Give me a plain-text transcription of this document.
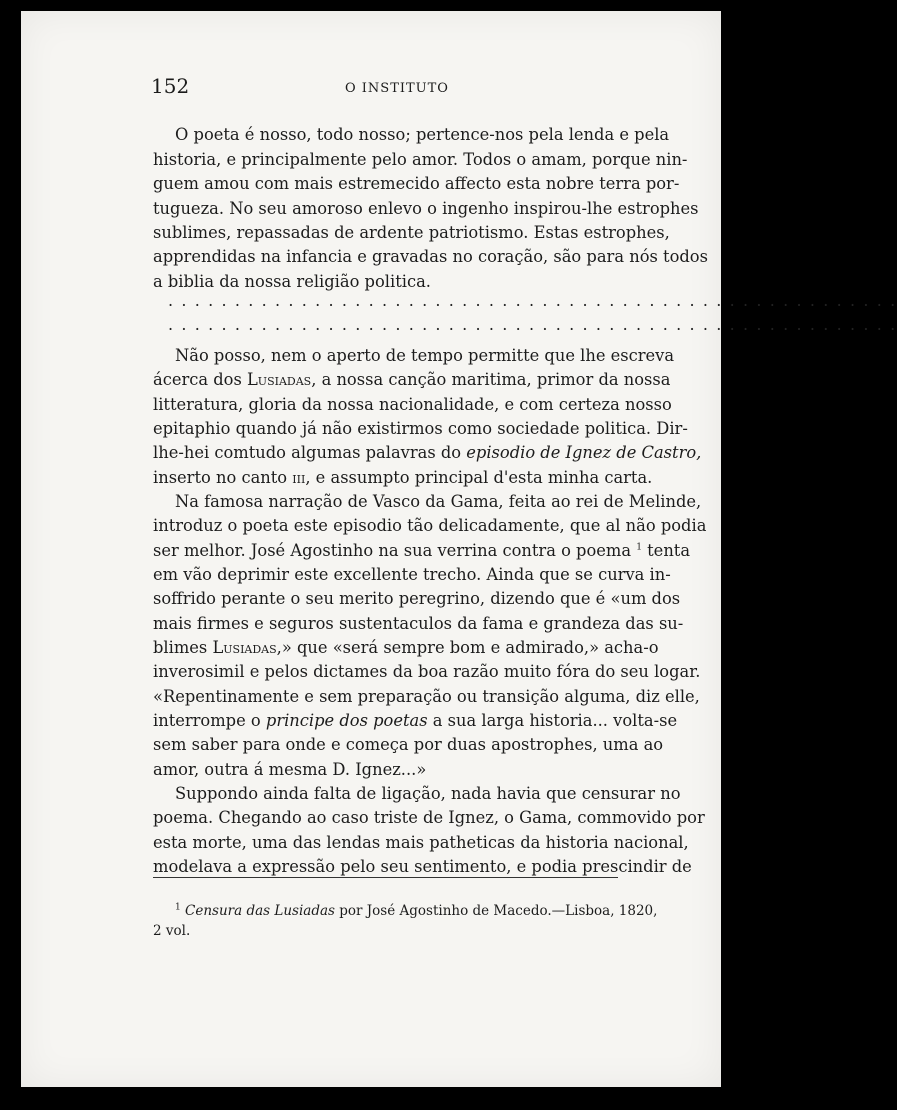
152	O INSTITUTO
O poeta é nosso, todo nosso; pertence-nos pela lenda e pela
historia, e principalmente pelo amor. Todos o amam, porque nin-
guem amou com mais estremecido affecto esta nobre terra por-
tugueza. No seu amoroso enlevo o ingenho inspirou-lhe estrophes
sublimes, repassadas de ardente patriotismo. Estas estrophes,
apprendidas na infancia e gravadas no coração, são para nós todos
a biblia da nossa religião politica.
. . . . . . . . . . . . . . . . . . . . . . . . . . . . . . . . . . . . . . . . . . . . . . . . . . . . . . .
. . . . . . . . . . . . . . . . . . . . . . . . . . . . . . . . . . . . . . . . . . . . . . . . . . . . . . .
Não posso, nem o aperto de tempo permitte que lhe escreva
ácerca dos Lusiadas, a nossa canção maritima, primor da nossa
litteratura, gloria da nossa nacionalidade, e com certeza nosso
epitaphio quando já não existirmos como sociedade politica. Dir-
lhe-hei comtudo algumas palavras do episodio de Ignez de Castro,
inserto no canto iii, e assumpto principal d'esta minha carta.
Na famosa narração de Vasco da Gama, feita ao rei de Melinde,
introduz o poeta este episodio tão delicadamente, que al não podia
ser melhor. José Agostinho na sua verrina contra o poema $^1$ tenta
em vão deprimir este excellente trecho. Ainda que se curva in-
soffrido perante o seu merito peregrino, dizendo que é «um dos
mais firmes e seguros sustentaculos da fama e grandeza das su-
blimes Lusiadas,» que «será sempre bom e admirado,» acha-o
inverosimil e pelos dictames da boa razão muito fóra do seu logar.
«Repentinamente e sem preparação ou transição alguma, diz elle,
interrompe o principe dos poetas a sua larga historia... volta-se
sem saber para onde e começa por duas apostrophes, uma ao
amor, outra á mesma D. Ignez...»
Suppondo ainda falta de ligação, nada havia que censurar no
poema. Chegando ao caso triste de Ignez, o Gama, commovido por
esta morte, uma das lendas mais patheticas da historia nacional,
modelava a expressão pelo seu sentimento, e podia prescindir de
$^1$ Censura das Lusiadas por José Agostinho de Macedo.—Lisboa, 1820,
2 vol.
